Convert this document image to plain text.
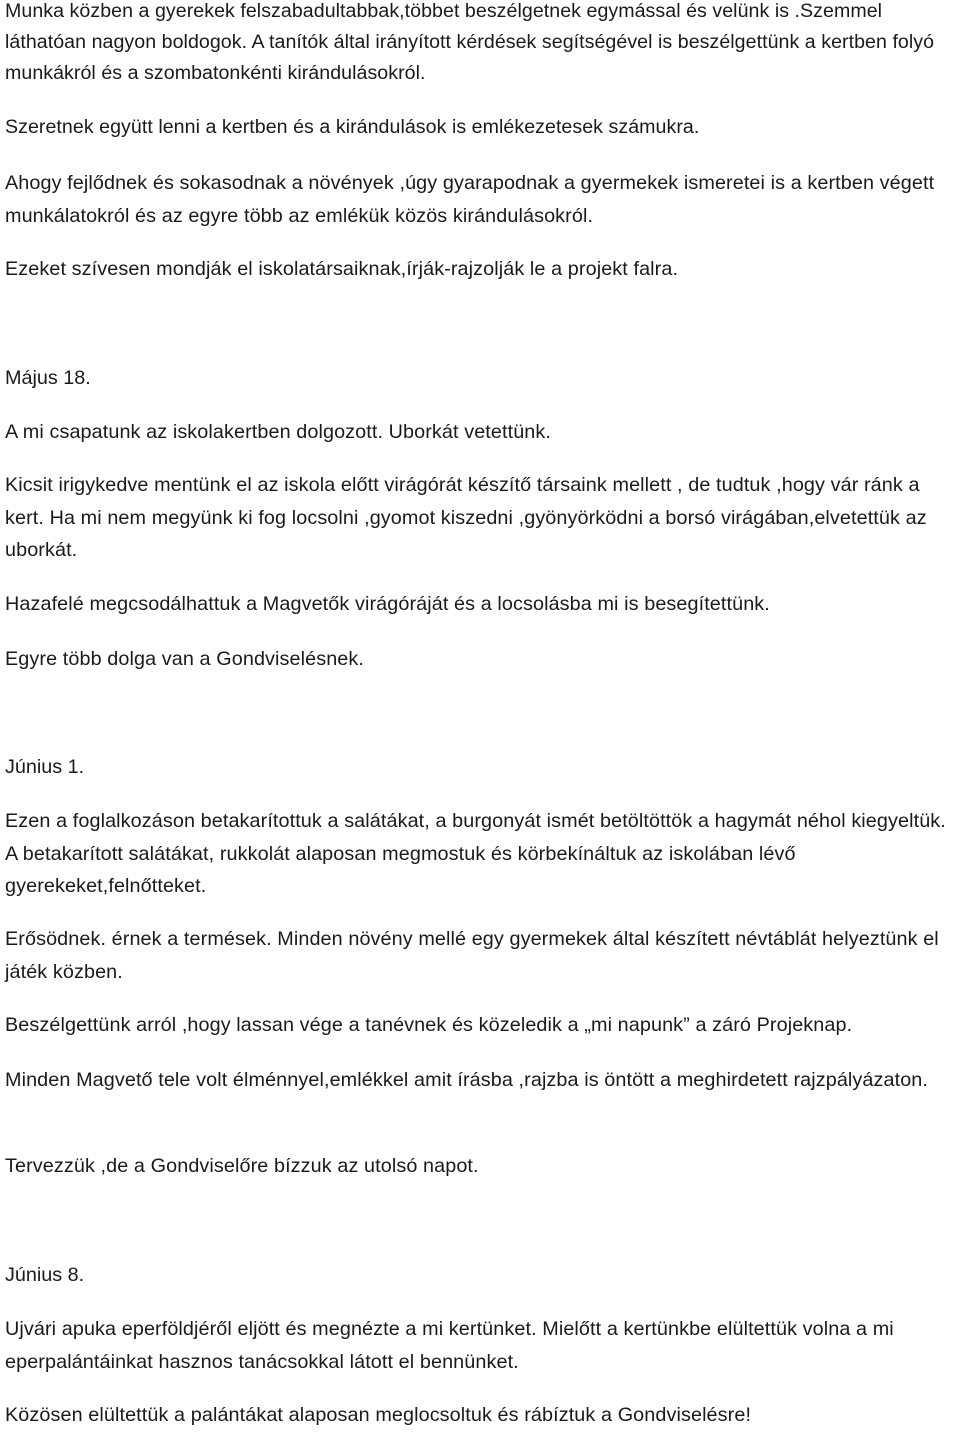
Munka közben a gyerekek felszabadultabbak,többet beszélgetnek egymással és velünk is .Szemmel láthatóan nagyon boldogok. A tanítók által irányított kérdések segítségével is beszélgettünk a kertben folyó munkákról és a szombatonkénti kirándulásokról.

Szeretnek együtt lenni a kertben és a kirándulások is emlékezetesek számukra.

Ahogy fejlődnek és sokasodnak a növények ,úgy gyarapodnak a gyermekek ismeretei is a kertben végett munkálatokról és az egyre több az emlékük közös kirándulásokról.

Ezeket szívesen mondják el iskolatársaiknak,írják-rajzolják le a projekt falra.

Május 18.

A mi csapatunk az iskolakertben dolgozott. Uborkát vetettünk.

Kicsit irigykedve mentünk el az iskola előtt virágórát készítő társaink mellett , de tudtuk ,hogy vár ránk a kert. Ha mi nem megyünk ki fog locsolni ,gyomot kiszedni ,gyönyörködni a borsó virágában,elvetettük az uborkát.

Hazafelé megcsodálhattuk a Magvetők virágóráját és a locsolásba mi is besegítettünk.

Egyre több dolga van a Gondviselésnek.

Június 1.

Ezen a foglalkozáson betakarítottuk a salátákat, a burgonyát ismét betöltöttök a hagymát néhol kiegyeltük. A betakarított salátákat, rukkolát alaposan megmostuk és körbekínáltuk az iskolában lévő gyerekeket,felnőtteket.

Erősödnek. érnek a termések. Minden növény mellé egy gyermekek által készített névtáblát helyeztünk el játék közben.

Beszélgettünk arról ,hogy lassan vége a tanévnek és közeledik a „mi napunk” a záró Projeknap.

Minden Magvető tele volt élménnyel,emlékkel amit írásba ,rajzba is öntött a meghirdetett rajzpályázaton.

Tervezzük ,de a Gondviselőre bízzuk az utolsó napot.

Június 8.

Ujvári apuka eperföldjéről eljött és megnézte a mi kertünket. Mielőtt a kertünkbe elültettük volna a mi eperpalántáinkat hasznos tanácsokkal látott el bennünket.

Közösen elültettük a palántákat alaposan meglocsoltuk és rábíztuk a Gondviselésre!
